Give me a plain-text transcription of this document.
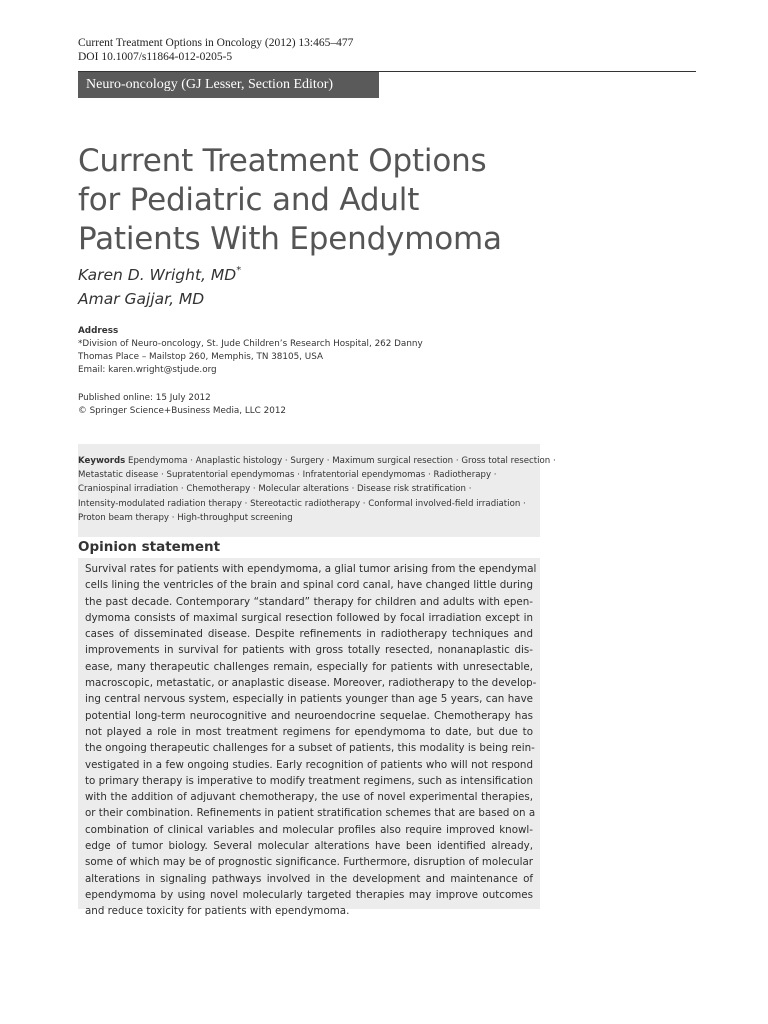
Current Treatment Options in Oncology (2012) 13:465–477
DOI 10.1007/s11864-012-0205-5
Neuro-oncology (GJ Lesser, Section Editor)
Current Treatment Options
for Pediatric and Adult
Patients With Ependymoma
Karen D. Wright, MD*
Amar Gajjar, MD
Address
*Division of Neuro-oncology, St. Jude Children’s Research Hospital, 262 Danny
Thomas Place – Mailstop 260, Memphis, TN 38105, USA
Email: karen.wright@stjude.org
Published online: 15 July 2012
© Springer Science+Business Media, LLC 2012
Keywords Ependymoma · Anaplastic histology · Surgery · Maximum surgical resection · Gross total resection ·
Metastatic disease · Supratentorial ependymomas · Infratentorial ependymomas · Radiotherapy ·
Craniospinal irradiation · Chemotherapy · Molecular alterations · Disease risk stratification ·
Intensity-modulated radiation therapy · Stereotactic radiotherapy · Conformal involved-field irradiation ·
Proton beam therapy · High-throughput screening
Opinion statement
Survival rates for patients with ependymoma, a glial tumor arising from the ependymal
cells lining the ventricles of the brain and spinal cord canal, have changed little during
the past decade. Contemporary “standard” therapy for children and adults with epen-
dymoma consists of maximal surgical resection followed by focal irradiation except in
cases of disseminated disease. Despite refinements in radiotherapy techniques and
improvements in survival for patients with gross totally resected, nonanaplastic dis-
ease, many therapeutic challenges remain, especially for patients with unresectable,
macroscopic, metastatic, or anaplastic disease. Moreover, radiotherapy to the develop-
ing central nervous system, especially in patients younger than age 5 years, can have
potential long-term neurocognitive and neuroendocrine sequelae. Chemotherapy has
not played a role in most treatment regimens for ependymoma to date, but due to
the ongoing therapeutic challenges for a subset of patients, this modality is being rein-
vestigated in a few ongoing studies. Early recognition of patients who will not respond
to primary therapy is imperative to modify treatment regimens, such as intensification
with the addition of adjuvant chemotherapy, the use of novel experimental therapies,
or their combination. Refinements in patient stratification schemes that are based on a
combination of clinical variables and molecular profiles also require improved knowl-
edge of tumor biology. Several molecular alterations have been identified already,
some of which may be of prognostic significance. Furthermore, disruption of molecular
alterations in signaling pathways involved in the development and maintenance of
ependymoma by using novel molecularly targeted therapies may improve outcomes
and reduce toxicity for patients with ependymoma.
